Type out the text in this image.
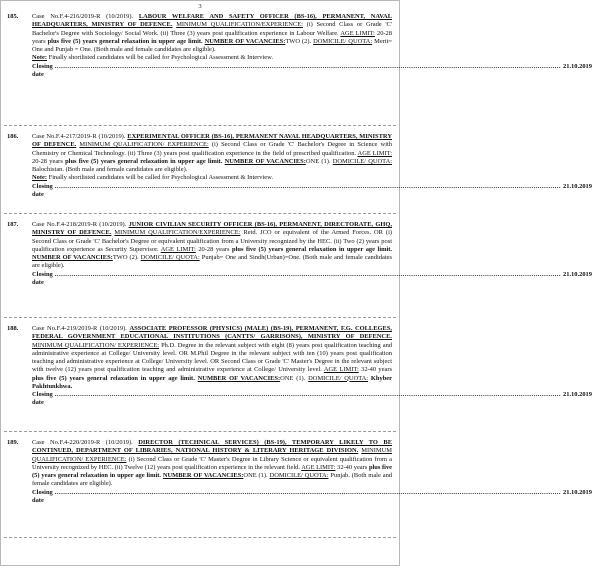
3
185.	Case No.F.4-216/2019-R (10/2019). LABOUR WELFARE AND SAFETY OFFICER (BS-16), PERMANENT, NAVAL HEADQUARTERS, MINISTRY OF DEFENCE. MINIMUM QUALIFICATION/EXPERIENCE: (i) Second Class or Grade 'C' Bachelor's Degree with Sociology/ Social Work. (ii) Three (3) years post qualification experience in Labour Welfare. AGE LIMIT: 20-28 years plus five (5) years general relaxation in upper age limit. NUMBER OF VACANCIES:TWO (2). DOMICILE/ QUOTA: Merit= One and Punjab = One. (Both male and female candidates are eligible).
Note: Finally shortlisted candidates will be called for Psychological Assessment & Interview.
Closing date
................................................................................................................................................................................................................................................ 21.10.2019
186.	Case No.F.4-217/2019-R (10/2019). EXPERIMENTAL OFFICER (BS-16), PERMANENT NAVAL HEADQUARTERS, MINISTRY OF DEFENCE. MINIMUM QUALIFICATION/ EXPERIENCE: (i) Second Class or Grade 'C' Bachelor's Degree in Science with Chemistry or Chemical Technology. (ii) Three (3) years post qualification experience in the field of prescribed qualification. AGE LIMIT: 20-28 years plus five (5) years general relaxation in upper age limit. NUMBER OF VACANCIES:ONE (1). DOMICILE/ QUOTA: Balochistan. (Both male and female candidates are eligible).
Note: Finally shortlisted candidates will be called for Psychological Assessment & Interview.
Closing date
................................................................................................................................................................................................................................................ 21.10.2019
187.	Case No.F.4-218/2019-R (10/2019). JUNIOR CIVILIAN SECURITY OFFICER (BS-16), PERMANENT, DIRECTORATE, GHQ, MINISTRY OF DEFENCE. MINIMUM QUALIFICATION/EXPERIENCE: Retd. JCO or equivalent of the Armed Forces. OR (i) Second Class or Grade 'C' Bachelor's Degree or equivalent qualification from a University recognized by the HEC. (ii) Two (2) years post qualification experience as Security Supervisor. AGE LIMIT: 20-28 years plus five (5) years general relaxation in upper age limit. NUMBER OF VACANCIES:TWO (2). DOMICILE/ QUOTA: Punjab= One and Sindh(Urban)=One. (Both male and female candidates are eligible).
Closing date
................................................................................................................................................................................................................................................ 21.10.2019
188.	Case No.F.4-219/2019-R (10/2019). ASSOCIATE PROFESSOR (PHYSICS) (MALE) (BS-19), PERMANENT, F.G. COLLEGES, FEDERAL GOVERNMENT EDUCATIONAL INSTITUTIONS (CANTTS/ GARRISONS), MINISTRY OF DEFENCE. MINIMUM QUALIFICATION/ EXPERIENCE: Ph.D. Degree in the relevant subject with eight (8) years post qualification teaching and administrative experience at College/ University level. OR M.Phil Degree in the relevant subject with ten (10) years post qualification teaching and administrative experience at College/ University level. OR Second Class or Grade 'C' Master's Degree in the relevant subject with twelve (12) years post qualification teaching and administrative experience at College/ University level. AGE LIMIT: 32-40 years plus five (5) years general relaxation in upper age limit. NUMBER OF VACANCIES:ONE (1). DOMICILE/ QUOTA: Khyber Pakhtunkhwa.
Closing date
................................................................................................................................................................................................................................................ 21.10.2019
189.	Case No.F.4-220/2019-R (10/2019). DIRECTOR (TECHNICAL SERVICES) (BS-19), TEMPORARY LIKELY TO BE CONTINUED, DEPARTMENT OF LIBRARIES, NATIONAL HISTORY & LITERARY HERITAGE DIVISION. MINIMUM QUALIFICATION/ EXPERIENCE: (i) Second Class or Grade 'C' Master's Degree in Library Science or equivalent qualification from a University recognized by HEC. (ii) Twelve (12) years post qualification experience in the relevant field. AGE LIMIT: 32-40 years plus five (5) years general relaxation in upper age limit. NUMBER OF VACANCIES:ONE (1). DOMICILE/ QUOTA: Punjab. (Both male and female candidates are eligible).
Closing date
................................................................................................................................................................................................................................................ 21.10.2019
